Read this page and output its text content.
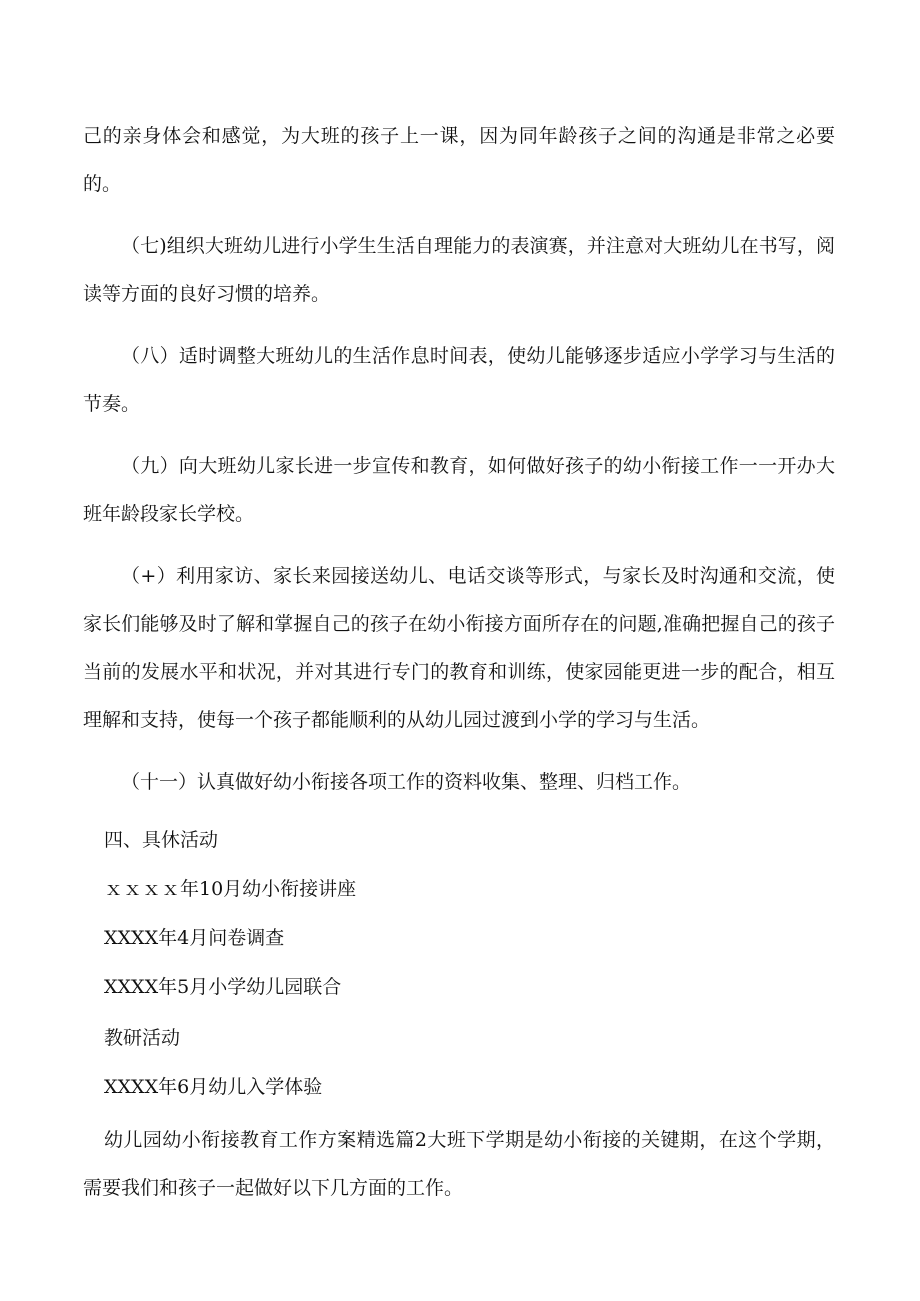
己的亲身体会和感觉，为大班的孩子上一课，因为同年龄孩子之间的沟通是非常之必要的。

（七)组织大班幼儿进行小学生生活自理能力的表演赛，并注意对大班幼儿在书写，阅读等方面的良好习惯的培养。

（八）适时调整大班幼儿的生活作息时间表，使幼儿能够逐步适应小学学习与生活的节奏。

（九）向大班幼儿家长进一步宣传和教育，如何做好孩子的幼小衔接工作一一开办大班年龄段家长学校。

（+）利用家访、家长来园接送幼儿、电话交谈等形式，与家长及时沟通和交流，使家长们能够及时了解和掌握自己的孩子在幼小衔接方面所存在的问题,准确把握自己的孩子当前的发展水平和状况，并对其进行专门的教育和训练，使家园能更进一步的配合，相互理解和支持，使每一个孩子都能顺利的从幼儿园过渡到小学的学习与生活。

（十一）认真做好幼小衔接各项工作的资料收集、整理、归档工作。

四、具休活动
ｘｘｘｘ年10月幼小衔接讲座
XXXX年4月问卷调查
XXXX年5月小学幼儿园联合
教研活动
XXXX年6月幼儿入学体验

幼儿园幼小衔接教育工作方案精选篇2大班下学期是幼小衔接的关键期，在这个学期，需要我们和孩子一起做好以下几方面的工作。
